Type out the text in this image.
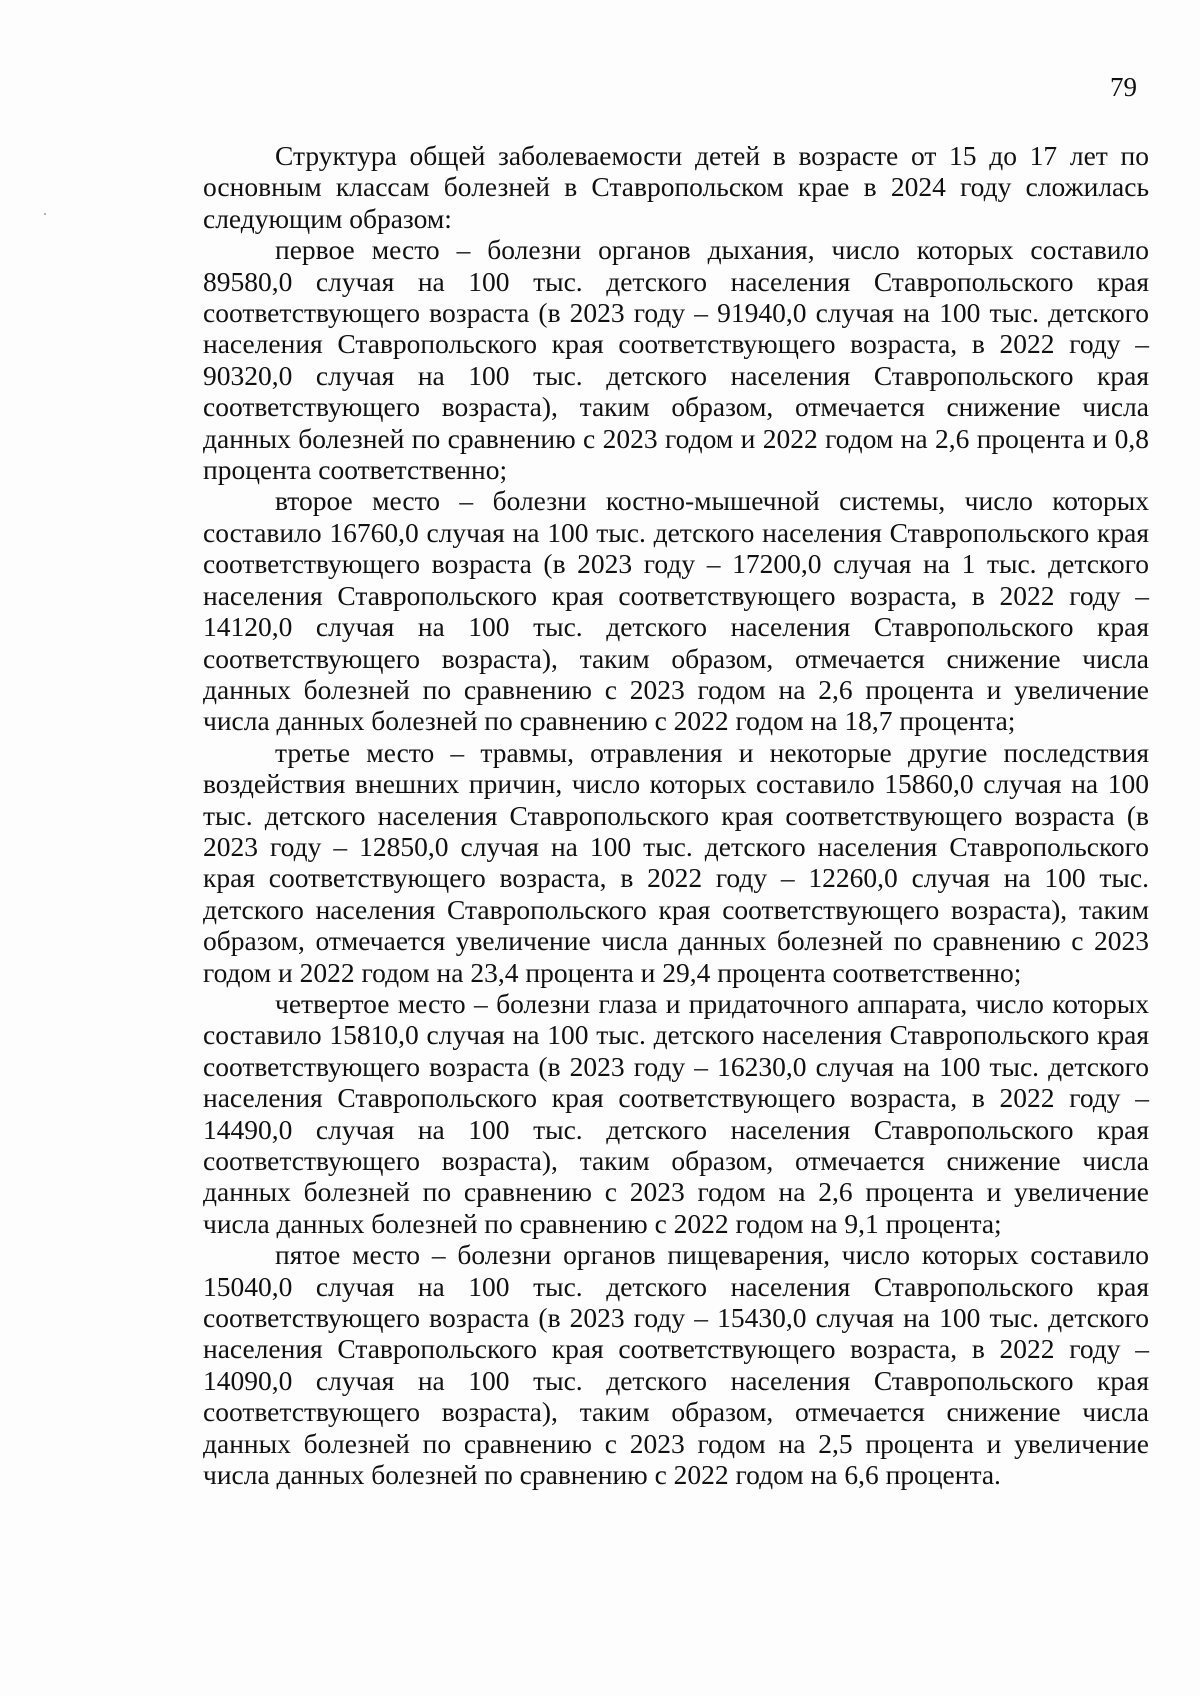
79

Структура общей заболеваемости детей в возрасте от 15 до 17 лет по основным классам болезней в Ставропольском крае в 2024 году сложилась следующим образом:

первое место – болезни органов дыхания, число которых составило 89580,0 случая на 100 тыс. детского населения Ставропольского края соответствующего возраста (в 2023 году – 91940,0 случая на 100 тыс. детского населения Ставропольского края соответствующего возраста, в 2022 году – 90320,0 случая на 100 тыс. детского населения Ставропольского края соответствующего возраста), таким образом, отмечается снижение числа данных болезней по сравнению с 2023 годом и 2022 годом на 2,6 процента и 0,8 процента соответственно;

второе место – болезни костно-мышечной системы, число которых составило 16760,0 случая на 100 тыс. детского населения Ставропольского края соответствующего возраста (в 2023 году – 17200,0 случая на 1 тыс. детского населения Ставропольского края соответствующего возраста, в 2022 году – 14120,0 случая на 100 тыс. детского населения Ставропольского края соответствующего возраста), таким образом, отмечается снижение числа данных болезней по сравнению с 2023 годом на 2,6 процента и увеличение числа данных болезней по сравнению с 2022 годом на 18,7 процента;

третье место – травмы, отравления и некоторые другие последствия воздействия внешних причин, число которых составило 15860,0 случая на 100 тыс. детского населения Ставропольского края соответствующего возраста (в 2023 году – 12850,0 случая на 100 тыс. детского населения Ставропольского края соответствующего возраста, в 2022 году – 12260,0 случая на 100 тыс. детского населения Ставропольского края соответствующего возраста), таким образом, отмечается увеличение числа данных болезней по сравнению с 2023 годом и 2022 годом на 23,4 процента и 29,4 процента соответственно;

четвертое место – болезни глаза и придаточного аппарата, число которых составило 15810,0 случая на 100 тыс. детского населения Ставропольского края соответствующего возраста (в 2023 году – 16230,0 случая на 100 тыс. детского населения Ставропольского края соответствующего возраста, в 2022 году – 14490,0 случая на 100 тыс. детского населения Ставропольского края соответствующего возраста), таким образом, отмечается снижение числа данных болезней по сравнению с 2023 годом на 2,6 процента и увеличение числа данных болезней по сравнению с 2022 годом на 9,1 процента;

пятое место – болезни органов пищеварения, число которых составило 15040,0 случая на 100 тыс. детского населения Ставропольского края соответствующего возраста (в 2023 году – 15430,0 случая на 100 тыс. детского населения Ставропольского края соответствующего возраста, в 2022 году – 14090,0 случая на 100 тыс. детского населения Ставропольского края соответствующего возраста), таким образом, отмечается снижение числа данных болезней по сравнению с 2023 годом на 2,5 процента и увеличение числа данных болезней по сравнению с 2022 годом на 6,6 процента.
